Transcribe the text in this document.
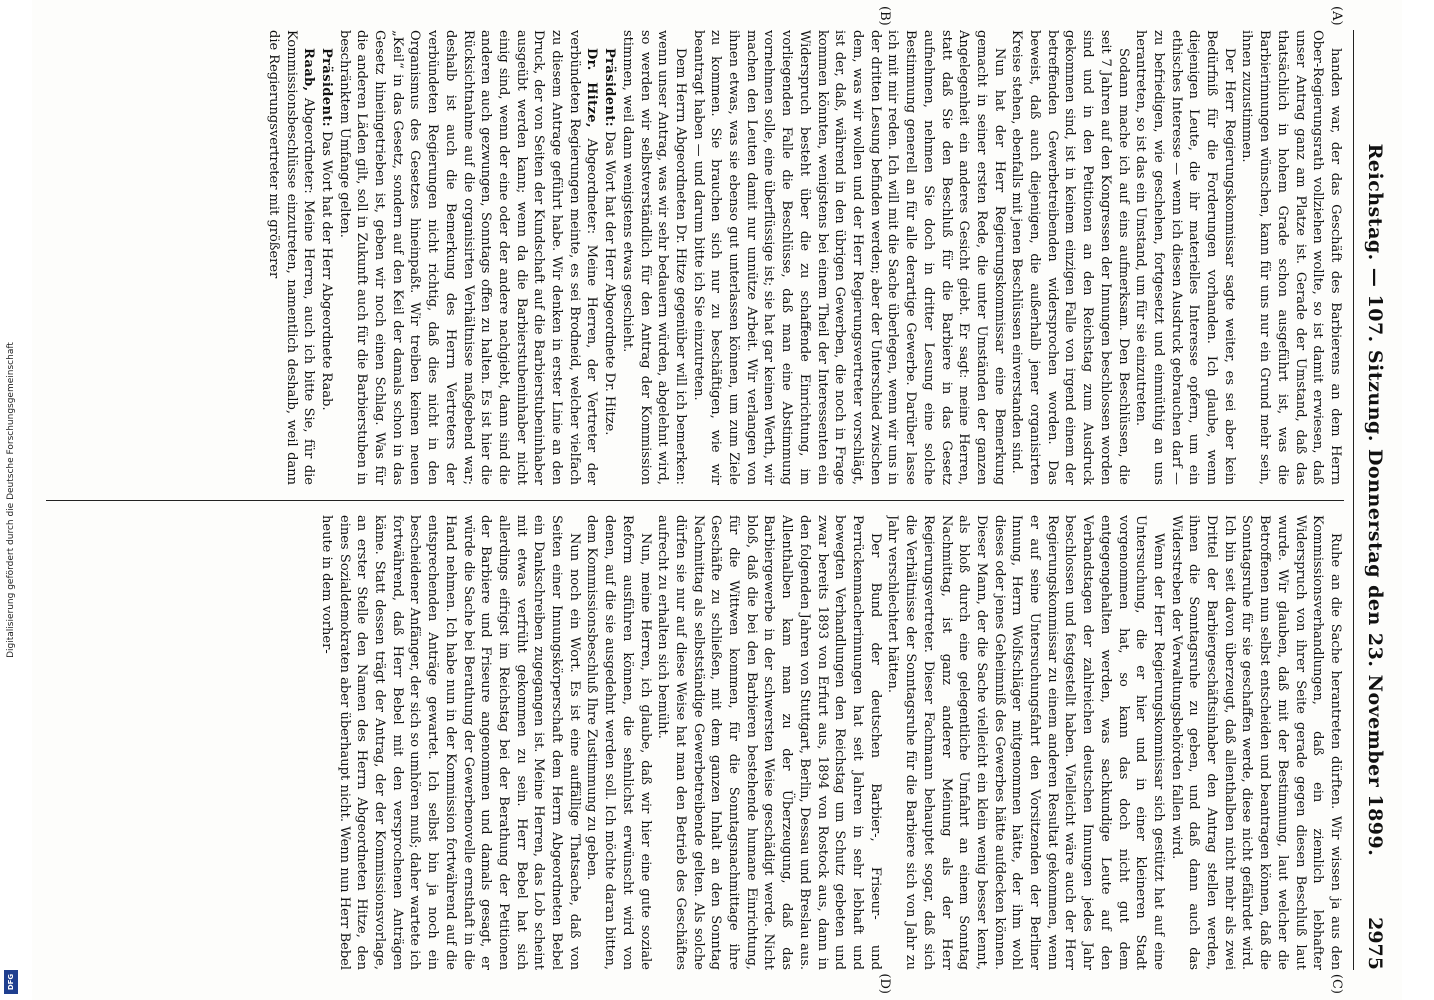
Reichstag. — 107. Sitzung. Donnerstag den 23. November 1899.
2975
(A)
(B)
(C)
(D)

handen war, der das Geschäft des Barbierens an dem Herrn Ober-Regierungsrath vollziehen wollte, so ist damit erwiesen, daß unser Antrag ganz am Platze ist. Gerade der Umstand, daß das thatsächlich in hohem Grade schon ausgeführt ist, was die Barbierinnungen wünschen, kann für uns nur ein Grund mehr sein, ihnen zuzustimmen.

Der Herr Regierungskommissar sagte weiter, es sei aber kein Bedürfniß für die Forderungen vorhanden. Ich glaube, wenn diejenigen Leute, die ihr materielles Interesse opfern, um ein ethisches Interesse — wenn ich diesen Ausdruck gebrauchen darf — zu befriedigen, wie geschehen, fortgesetzt und einmüthig an uns herantreten, so ist das ein Umstand, um für sie einzutreten.

Sodann mache ich auf eins aufmerksam. Den Beschlüssen, die seit 7 Jahren auf den Kongressen der Innungen beschlossen worden sind und in den Petitionen an den Reichstag zum Ausdruck gekommen sind, ist in keinem einzigen Falle von irgend einem der betreffenden Gewerbetreibenden widersprochen worden. Das beweist, daß auch diejenigen, die außerhalb jener organisirten Kreise stehen, ebenfalls mit jenen Beschlüssen einverstanden sind.

Nun hat der Herr Regierungskommissar eine Bemerkung gemacht in seiner ersten Rede, die unter Umständen der ganzen Angelegenheit ein anderes Gesicht giebt. Er sagt: meine Herren, statt daß Sie den Beschluß für die Barbiere in das Gesetz aufnehmen, nehmen Sie doch in dritter Lesung eine solche Bestimmung generell an für alle derartige Gewerbe. Darüber lasse ich mit mir reden. Ich will mit die Sache überlegen, wenn wir uns in der dritten Lesung befinden werden; aber der Unterschied zwischen dem, was wir wollen und der Herr Regierungsvertreter vorschlägt, ist der, daß, während in den übrigen Gewerben, die noch in Frage kommen könnten, wenigstens bei einem Theil der Interessenten ein Widerspruch besteht über die zu schaffende Einrichtung, im vorliegenden Falle die Beschlüsse, daß man eine Abstimmung vornehmen solle, eine überflüssige ist; sie hat gar keinen Werth, wir machen den Leuten damit nur unnütze Arbeit. Wir verlangen von ihnen etwas, was sie ebenso gut unterlassen können, um zum Ziele zu kommen. Sie brauchen sich nur zu beschäftigen, wie wir beantragt haben — und darum bitte ich Sie einzutreten.

Dem Herrn Abgeordneten Dr. Hitze gegenüber will ich bemerken: wenn unser Antrag, was wir sehr bedauern würden, abgelehnt wird, so werden wir selbstverständlich für den Antrag der Kommission stimmen, weil dann wenigstens etwas geschieht.

Präsident: Das Wort hat der Herr Abgeordnete Dr. Hitze.

Dr. Hitze, Abgeordneter: Meine Herren, der Vertreter der verbündeten Regierungen meinte, es sei Brodneid, welcher vielfach zu diesem Antrage geführt habe. Wir denken in erster Linie an den Druck, der von Seiten der Kundschaft auf die Barbierstubeninhaber ausgeübt werden kann; wenn da die Barbierstubeninhaber nicht einig sind, wenn der eine oder der andere nachgiebt, dann sind die anderen auch gezwungen, Sonntags offen zu halten. Es ist hier die Rücksichtnahme auf die organisirten Verhältnisse maßgebend war; deshalb ist auch die Bemerkung des Herrn Vertreters der verbündeten Regierungen nicht richtig, daß dies nicht in den Organismus des Gesetzes hineinpaßt. Wir treiben keinen neuen „Keil“ in das Gesetz, sondern auf den Keil der damals schon in das Gesetz hineingetrieben ist, geben wir noch einen Schlag. Was für die anderen Läden gilt, soll in Zukunft auch für die Barbierstuben in beschränktem Umfange gelten.

Präsident: Das Wort hat der Herr Abgeordnete Raab.

Raab, Abgeordneter: Meine Herren, auch ich bitte Sie, für die Kommissionsbeschlüsse einzutreten, namentlich deshalb, weil dann die Regierungsvertreter mit größerer

Ruhe an die Sache herantreten dürften. Wir wissen ja aus den Kommissionsverhandlungen, daß ein ziemlich lebhafter Widerspruch von ihrer Seite gerade gegen diesen Beschluß laut wurde. Wir glauben, daß mit der Bestimmung, laut welcher die Betroffenen nun selbst entscheiden und beantragen können, daß die Sonntagsruhe für sie geschaffen werde, diese nicht gefährdet wird. Ich bin seit davon überzeugt, daß allenthalben nicht mehr als zwei Drittel der Barbiergeschäftsinhaber den Antrag stellen werden, ihnen die Sonntagsruhe zu geben, und daß dann auch das Widerstreben der Verwaltungsbehörden fallen wird.

Wenn der Herr Regierungskommissar sich gestützt hat auf eine Untersuchung, die er hier und in einer kleineren Stadt vorgenommen hat, so kann das doch nicht gut dem entgegengehalten werden, was sachkundige Leute auf den Verbandstagen der zahlreichen deutschen Innungen jedes Jahr beschlossen und festgestellt haben. Vielleicht wäre auch der Herr Regierungskommissar zu einem anderen Resultat gekommen, wenn er auf seine Untersuchungsfahrt den Vorsitzenden der Berliner Innung, Herrn Wolfschläger mitgenommen hätte, der ihm wohl dieses oder jenes Geheimniß des Gewerbes hätte aufdecken können. Dieser Mann, der die Sache vielleicht ein klein wenig besser kennt, als bloß durch eine gelegentliche Umfahrt an einem Sonntag Nachmittag, ist ganz anderer Meinung als der Herr Regierungsvertreter. Dieser Fachmann behauptet sogar, daß sich die Verhältnisse der Sonntagsruhe für die Barbiere sich von Jahr zu Jahr verschlechtert hätten.

Der Bund der deutschen Barbier-, Friseur- und Perrückenmacherinnungen hat seit Jahren in sehr lebhaft und bewegten Verhandlungen den Reichstag um Schutz gebeten und zwar bereits 1893 von Erfurt aus, 1894 von Rostock aus, dann in den folgenden Jahren von Stuttgart, Berlin, Dessau und Breslau aus. Allenthalben kam man zu der Überzeugung, daß das Barbiergewerbe in der schwersten Weise geschädigt werde. Nicht bloß, daß die bei den Barbieren bestehende humane Einrichtung, für die Wittwen kommen, für die Sonntagsnachmittage ihre Geschäfte zu schließen, mit dem ganzen Inhalt an den Sonntag Nachmittag als selbstständige Gewerbetreibende gelten. Als solche dürfen sie nur auf diese Weise hat man den Betrieb des Geschäftes aufrecht zu erhalten sich bemüht.

Nun, meine Herren, ich glaube, daß wir hier eine gute soziale Reform ausführen können, die sehnlichst erwünscht wird von denen, auf die sie ausgedehnt werden soll. Ich möchte daran bitten, dem Kommissionsbeschluß Ihre Zustimmung zu geben.

Nun noch ein Wort. Es ist eine auffällige Thatsache, daß von Seiten einer Innungskörperschaft dem Herrn Abgeordneten Bebel ein Dankschreiben zugegangen ist. Meine Herren, das Lob scheint mit etwas verfrüht gekommen zu sein. Herr Bebel hat sich allerdings eifrigst im Reichstag bei der Berathung der Petitionen der Barbiere und Friseure angenommen und damals gesagt, er würde die Sache bei Berathung der Gewerbenovelle ernsthaft in die Hand nehmen. Ich habe nun in der Kommission fortwährend auf die entsprechenden Anträge gewartet. Ich selbst bin ja noch ein bescheidener Anfänger, der sich so umhören muß; daher wartete ich fortwährend, daß Herr Bebel mit den versprochenen Anträgen käme. Statt dessen trägt der Antrag, der der Kommissionsvorlage, an erster Stelle den Namen des Herrn Abgeordneten Hitze, den eines Sozialdemokraten aber überhaupt nicht. Wenn nun Herr Bebel heute in dem vorher-

Digitalisierung gefördert durch die Deutsche Forschungsgemeinschaft
DFG
